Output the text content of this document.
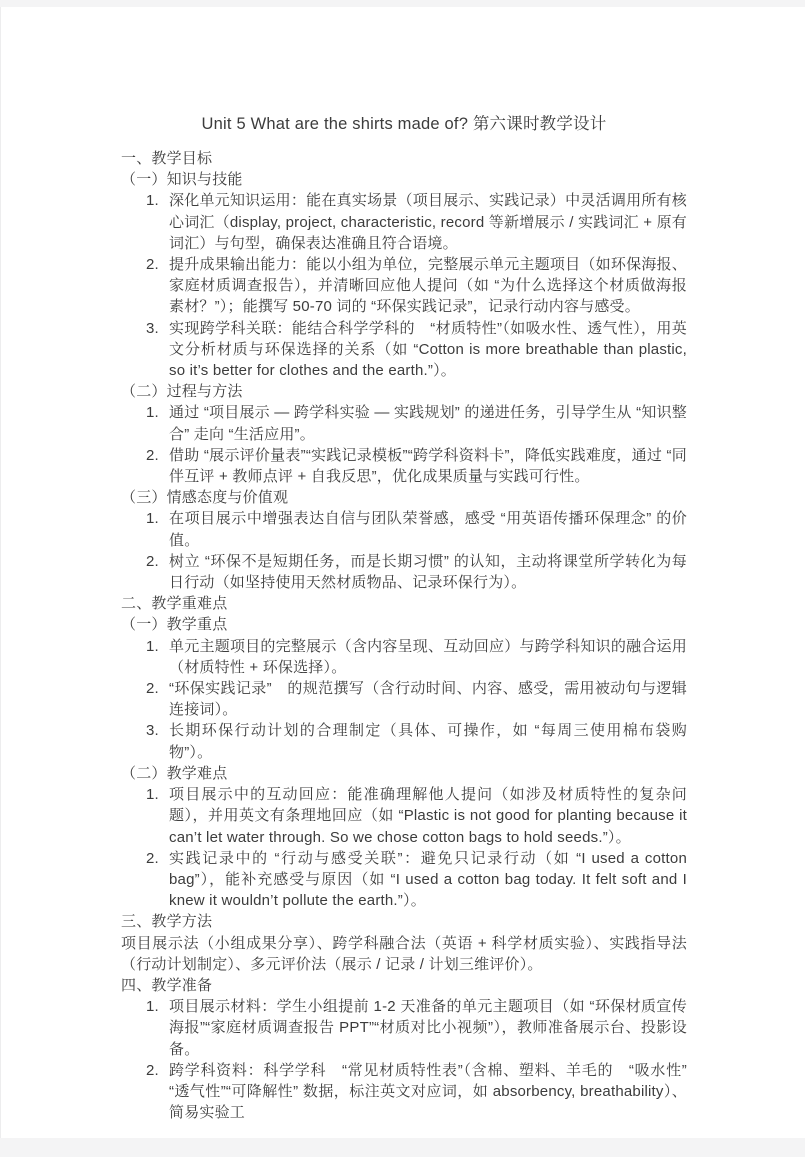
Unit 5 What are the shirts made of? 第六课时教学设计
一、教学目标
（一）知识与技能
1. 深化单元知识运用：能在真实场景（项目展示、实践记录）中灵活调用所有核心词汇（display, project, characteristic, record 等新增展示 / 实践词汇 + 原有词汇）与句型，确保表达准确且符合语境。
2. 提升成果输出能力：能以小组为单位，完整展示单元主题项目（如环保海报、家庭材质调查报告），并清晰回应他人提问（如 “为什么选择这个材质做海报素材？”）；能撰写 50-70 词的 “环保实践记录”，记录行动内容与感受。
3. 实现跨学科关联：能结合科学学科的　“材质特性”（如吸水性、透气性），用英文分析材质与环保选择的关系（如 “Cotton is more breathable than plastic, so it’s better for clothes and the earth.”）。
（二）过程与方法
1. 通过 “项目展示 — 跨学科实验 — 实践规划” 的递进任务，引导学生从 “知识整合” 走向 “生活应用”。
2. 借助 “展示评价量表”“实践记录模板”“跨学科资料卡”，降低实践难度，通过 “同伴互评 + 教师点评 + 自我反思”，优化成果质量与实践可行性。
（三）情感态度与价值观
1. 在项目展示中增强表达自信与团队荣誉感，感受 “用英语传播环保理念” 的价值。
2. 树立 “环保不是短期任务，而是长期习惯” 的认知，主动将课堂所学转化为每日行动（如坚持使用天然材质物品、记录环保行为）。
二、教学重难点
（一）教学重点
1. 单元主题项目的完整展示（含内容呈现、互动回应）与跨学科知识的融合运用（材质特性 + 环保选择）。
2. “环保实践记录”　的规范撰写（含行动时间、内容、感受，需用被动句与逻辑连接词）。
3. 长期环保行动计划的合理制定（具体、可操作，如 “每周三使用棉布袋购物”）。
（二）教学难点
1. 项目展示中的互动回应：能准确理解他人提问（如涉及材质特性的复杂问题），并用英文有条理地回应（如 “Plastic is not good for planting because it can’t let water through. So we chose cotton bags to hold seeds.”）。
2. 实践记录中的 “行动与感受关联”：避免只记录行动（如 “I used a cotton bag”），能补充感受与原因（如 “I used a cotton bag today. It felt soft and I knew it wouldn’t pollute the earth.”）。
三、教学方法
项目展示法（小组成果分享）、跨学科融合法（英语 + 科学材质实验）、实践指导法（行动计划制定）、多元评价法（展示 / 记录 / 计划三维评价）。
四、教学准备
1. 项目展示材料：学生小组提前 1-2 天准备的单元主题项目（如 “环保材质宣传海报”“家庭材质调查报告 PPT”“材质对比小视频”），教师准备展示台、投影设备。
2. 跨学科资料：科学学科　“常见材质特性表”（含棉、塑料、羊毛的　“吸水性”“透气性”“可降解性” 数据，标注英文对应词，如 absorbency, breathability）、简易实验工
